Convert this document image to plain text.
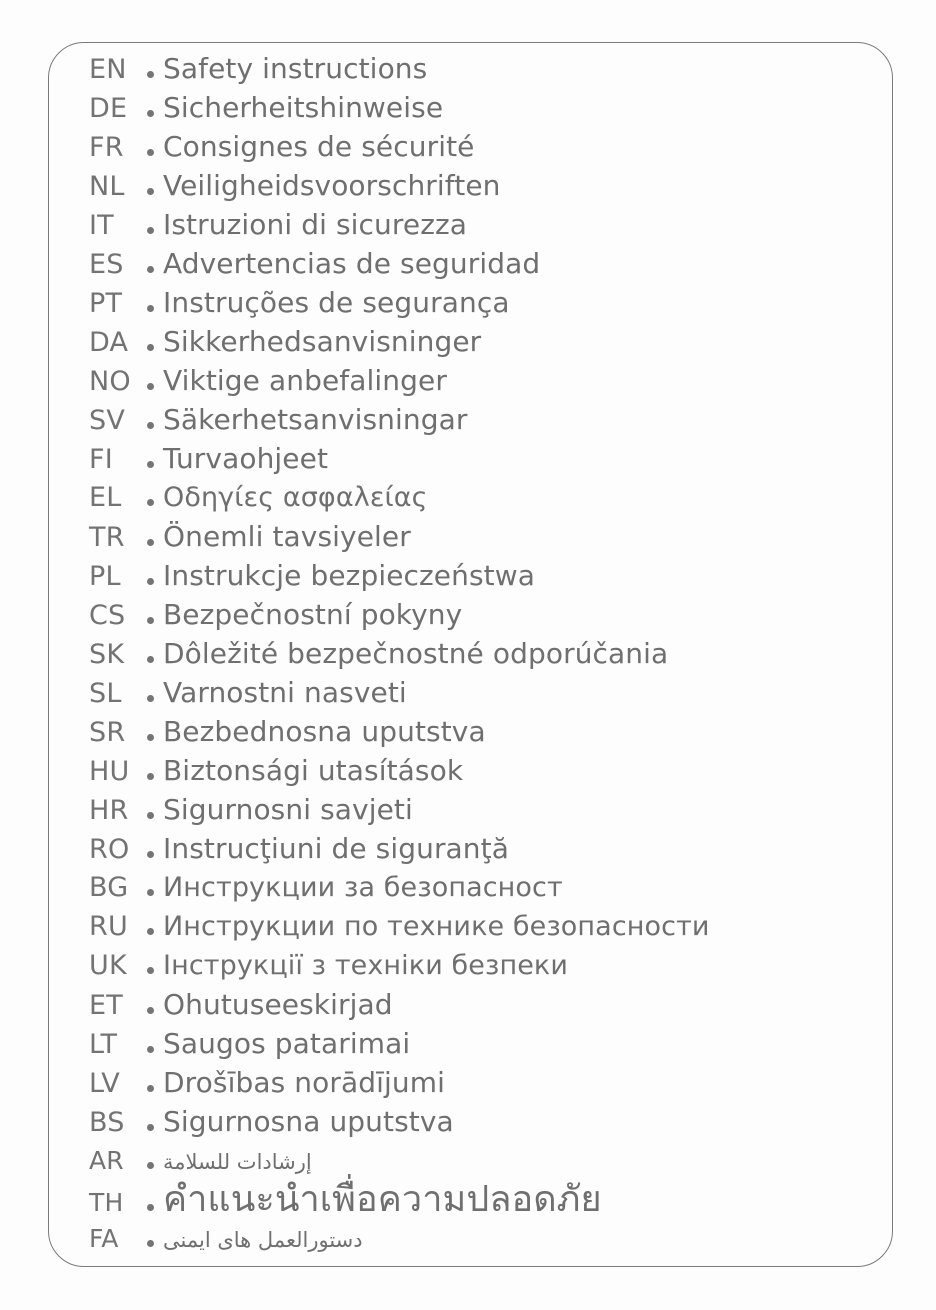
EN	Safety instructions
DE	Sicherheitshinweise
FR	Consignes de sécurité
NL	Veiligheidsvoorschriften
IT	Istruzioni di sicurezza
ES	Advertencias de seguridad
PT	Instruções de segurança
DA	Sikkerhedsanvisninger
NO Viktige anbefalinger
SV	Säkerhetsanvisningar
FI	Turvaohjeet
EL	Οδηγίες ασφαλείας
TR	Önemli tavsiyeler
PL	Instrukcje bezpieczeństwa
CS	Bezpečnostní pokyny
SK	Dôležité bezpečnostné odporúčania
SL	Varnostni nasveti
SR	Bezbednosna uputstva
HU Biztonsági utasítások
HR	Sigurnosni savjeti
RO Instrucţiuni de siguranţă
BG	Инструкции за безопасност
RU	Инструкции по технике безопасности
UK	Інструкції з техніки безпеки
ET	Ohutuseeskirjad
LT	Saugos patarimai
LV	Drošības norādījumi
BS	Sigurnosna uputstva
AR	إرشادات للسلامة
TH	คำแนะนำเพื่อความปลอดภัย
FA	دستورالعمل های ایمنی
